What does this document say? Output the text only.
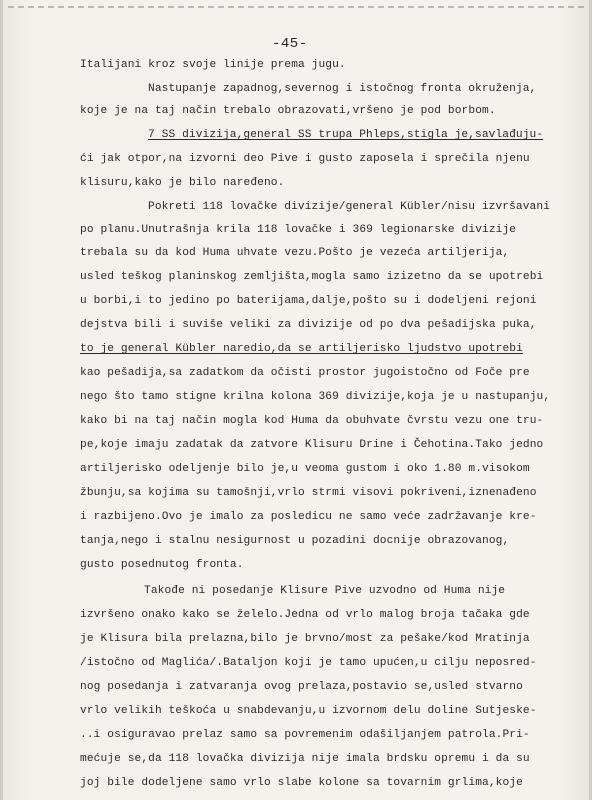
-45-
Italijani kroz svoje linije prema jugu.
Nastupanje zapadnog,severnog i istočnog fronta okruženja,
koje je na taj način trebalo obrazovati,vršeno je pod borbom.
7 SS divizija,general SS trupa Phleps,stigla je,savlađuju-
ći jak otpor,na izvorni deo Pive i gusto zaposela i sprečila njenu
klisuru,kako je bilo naređeno.
Pokreti 118 lovačke divizije/general Kübler/nisu izvršavani
po planu.Unutrašnja krila 118 lovačke i 369 legionarske divizije
trebala su da kod Huma uhvate vezu.Pošto je vezeća artiljerija,
usled teškog planinskog zemljišta,mogla samo izizetno da se upotrebi
u borbi,i to jedino po baterijama,dalje,pošto su i dodeljeni rejoni
dejstva bili i suviše veliki za divizije od po dva pešadijska puka,
to je general Kübler naredio,da se artiljerisko ljudstvo upotrebi
kao pešadija,sa zadatkom da očisti prostor jugoistočno od Foče pre
nego što tamo stigne krilna kolona 369 divizije,koja je u nastupanju,
kako bi na taj način mogla kod Huma da obuhvate čvrstu vezu one tru-
pe,koje imaju zadatak da zatvore Klisuru Drine i Čehotina.Tako jedno
artiljerisko odeljenje bilo je,u veoma gustom i oko 1.80 m.visokom
žbunju,sa kojima su tamošnji,vrlo strmi visovi pokriveni,iznenađeno
i razbijeno.Ovo je imalo za posledicu ne samo veće zadržavanje kre-
tanja,nego i stalnu nesigurnost u pozadini docnije obrazovanog,
gusto posednutog fronta.
Takođe ni posedanje Klisure Pive uzvodno od Huma nije
izvršeno onako kako se želelo.Jedna od vrlo malog broja tačaka gde
je Klisura bila prelazna,bilo je brvno/most za pešake/kod Mratinja
/istočno od Maglića/.Bataljon koji je tamo upućen,u cilju neposred-
nog posedanja i zatvaranja ovog prelaza,postavio se,usled stvarno
vrlo velikih teškoća u snabdevanju,u izvornom delu doline Sutjeske-
..i osiguravao prelaz samo sa povremenim odašiljanjem patrola.Pri-
mećuje se,da 118 lovačka divizija nije imala brdsku opremu i da su
joj bile dodeljene samo vrlo slabe kolone sa tovarnim grlima,koje
